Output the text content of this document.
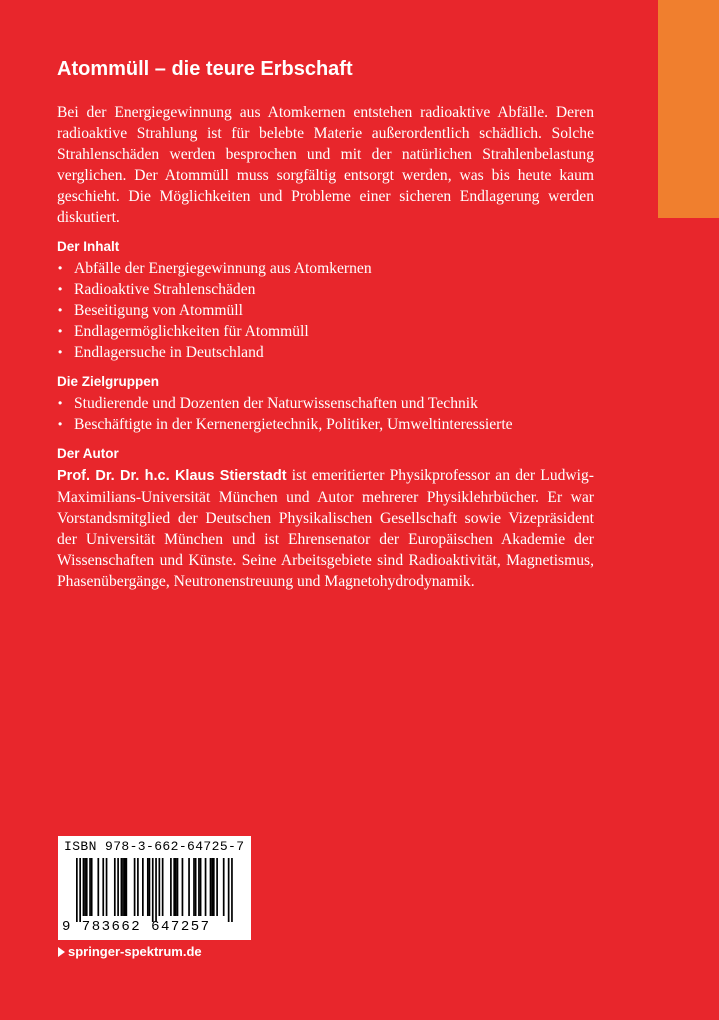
Atommüll – die teure Erbschaft

Bei der Energiegewinnung aus Atomkernen entstehen radioaktive Abfälle. Deren radioaktive Strahlung ist für belebte Materie außerordentlich schädlich. Solche Strahlenschäden werden besprochen und mit der natürlichen Strahlenbelastung verglichen. Der Atommüll muss sorgfältig entsorgt werden, was bis heute kaum geschieht. Die Möglichkeiten und Probleme einer sicheren Endlagerung werden diskutiert.

Der Inhalt
• Abfälle der Energiegewinnung aus Atomkernen
• Radioaktive Strahlenschäden
• Beseitigung von Atommüll
• Endlagermöglichkeiten für Atommüll
• Endlagersuche in Deutschland
Die Zielgruppen
• Studierende und Dozenten der Naturwissenschaften und Technik
• Beschäftigte in der Kernenergietechnik, Politiker, Umweltinteressierte
Der Autor

Prof. Dr. Dr. h.c. Klaus Stierstadt ist emeritierter Physikprofessor an der Ludwig-Maximilians-Universität München und Autor mehrerer Physiklehrbücher. Er war Vorstandsmitglied der Deutschen Physikalischen Gesellschaft sowie Vizepräsident der Universität München und ist Ehrensenator der Europäischen Akademie der Wissenschaften und Künste. Seine Arbeitsgebiete sind Radioaktivität, Magnetismus, Phasenübergänge, Neutronenstreuung und Magnetohydrodynamik.

ISBN 978-3-662-64725-7
9 783662 647257
springer-spektrum.de
